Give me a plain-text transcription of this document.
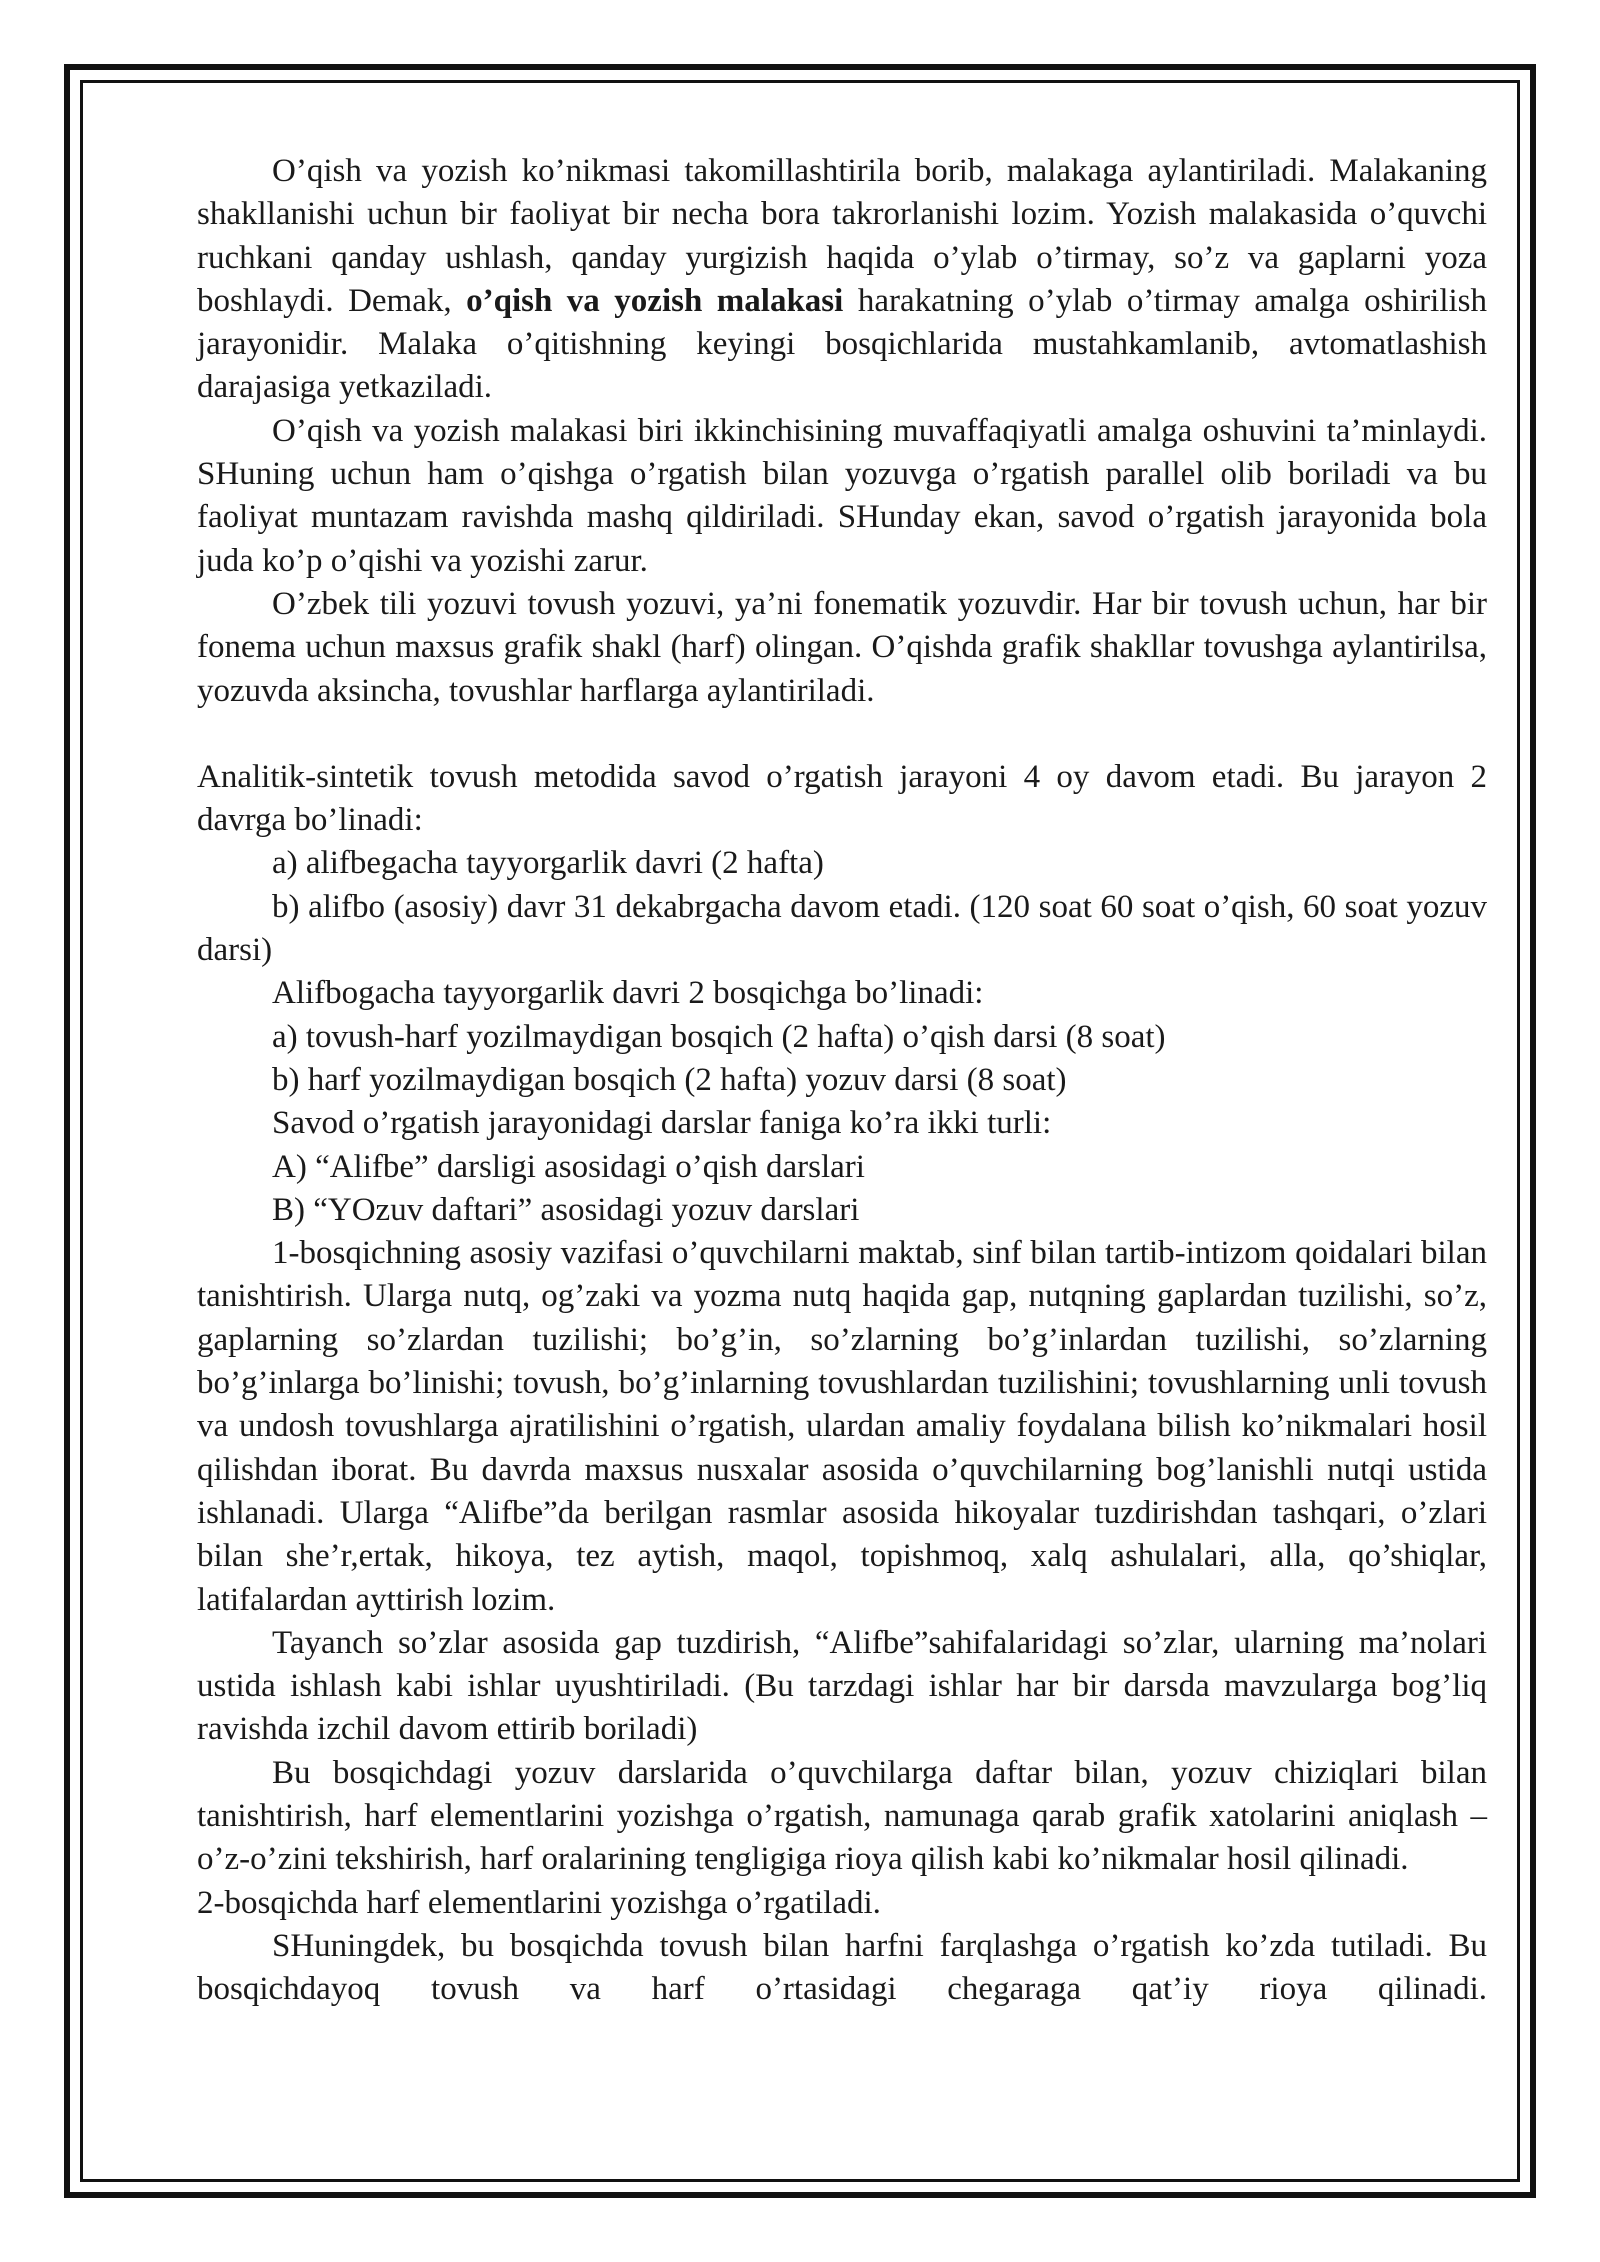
O’qish va yozish ko’nikmasi takomillashtirila borib, malakaga aylantiriladi. Malakaning shakllanishi uchun bir faoliyat bir necha bora takrorlanishi lozim. Yozish malakasida o’quvchi ruchkani qanday ushlash, qanday yurgizish haqida o’ylab o’tirmay, so’z va gaplarni yoza boshlaydi. Demak, o’qish va yozish malakasi harakatning o’ylab o’tirmay amalga oshirilish jarayonidir. Malaka o’qitishning keyingi bosqichlarida mustahkamlanib, avtomatlashish darajasiga yetkaziladi.

O’qish va yozish malakasi biri ikkinchisining muvaffaqiyatli amalga oshuvini ta’minlaydi. SHuning uchun ham o’qishga o’rgatish bilan yozuvga o’rgatish parallel olib boriladi va bu faoliyat muntazam ravishda mashq qildiriladi. SHunday ekan, savod o’rgatish jarayonida bola juda ko’p o’qishi va yozishi zarur.

O’zbek tili yozuvi tovush yozuvi, ya’ni fonematik yozuvdir. Har bir tovush uchun, har bir fonema uchun maxsus grafik shakl (harf) olingan. O’qishda grafik shakllar tovushga aylantirilsa, yozuvda aksincha, tovushlar harflarga aylantiriladi.

Analitik-sintetik tovush metodida savod o’rgatish jarayoni 4 oy davom etadi. Bu jarayon 2 davrga bo’linadi:

a) alifbegacha tayyorgarlik davri (2 hafta)

b) alifbo (asosiy) davr 31 dekabrgacha davom etadi. (120 soat 60 soat o’qish, 60 soat yozuv darsi)

Alifbogacha tayyorgarlik davri 2 bosqichga bo’linadi:

a) tovush-harf yozilmaydigan bosqich (2 hafta) o’qish darsi (8 soat)

b) harf yozilmaydigan bosqich (2 hafta) yozuv darsi (8 soat)

Savod o’rgatish jarayonidagi darslar faniga ko’ra ikki turli:

A) “Alifbe” darsligi asosidagi o’qish darslari

B) “YOzuv daftari” asosidagi yozuv darslari

1-bosqichning asosiy vazifasi o’quvchilarni maktab, sinf bilan tartib-intizom qoidalari bilan tanishtirish. Ularga nutq, og’zaki va yozma nutq haqida gap, nutqning gaplardan tuzilishi, so’z, gaplarning so’zlardan tuzilishi; bo’g’in, so’zlarning bo’g’inlardan tuzilishi, so’zlarning bo’g’inlarga bo’linishi; tovush, bo’g’inlarning tovushlardan tuzilishini; tovushlarning unli tovush va undosh tovushlarga ajratilishini o’rgatish, ulardan amaliy foydalana bilish ko’nikmalari hosil qilishdan iborat. Bu davrda maxsus nusxalar asosida o’quvchilarning bog’lanishli nutqi ustida ishlanadi. Ularga “Alifbe”da berilgan rasmlar asosida hikoyalar tuzdirishdan tashqari, o’zlari bilan she’r,ertak, hikoya, tez aytish, maqol, topishmoq, xalq ashulalari, alla, qo’shiqlar, latifalardan ayttirish lozim.

Tayanch so’zlar asosida gap tuzdirish, “Alifbe”sahifalaridagi so’zlar, ularning ma’nolari ustida ishlash kabi ishlar uyushtiriladi. (Bu tarzdagi ishlar har bir darsda mavzularga bog’liq ravishda izchil davom ettirib boriladi)

Bu bosqichdagi yozuv darslarida o’quvchilarga daftar bilan, yozuv chiziqlari bilan tanishtirish, harf elementlarini yozishga o’rgatish, namunaga qarab grafik xatolarini aniqlash – o’z-o’zini tekshirish, harf oralarining tengligiga rioya qilish kabi ko’nikmalar hosil qilinadi.

2-bosqichda harf elementlarini yozishga o’rgatiladi.

SHuningdek, bu bosqichda tovush bilan harfni farqlashga o’rgatish ko’zda tutiladi. Bu bosqichdayoq tovush va harf o’rtasidagi chegaraga qat’iy rioya qilinadi.
